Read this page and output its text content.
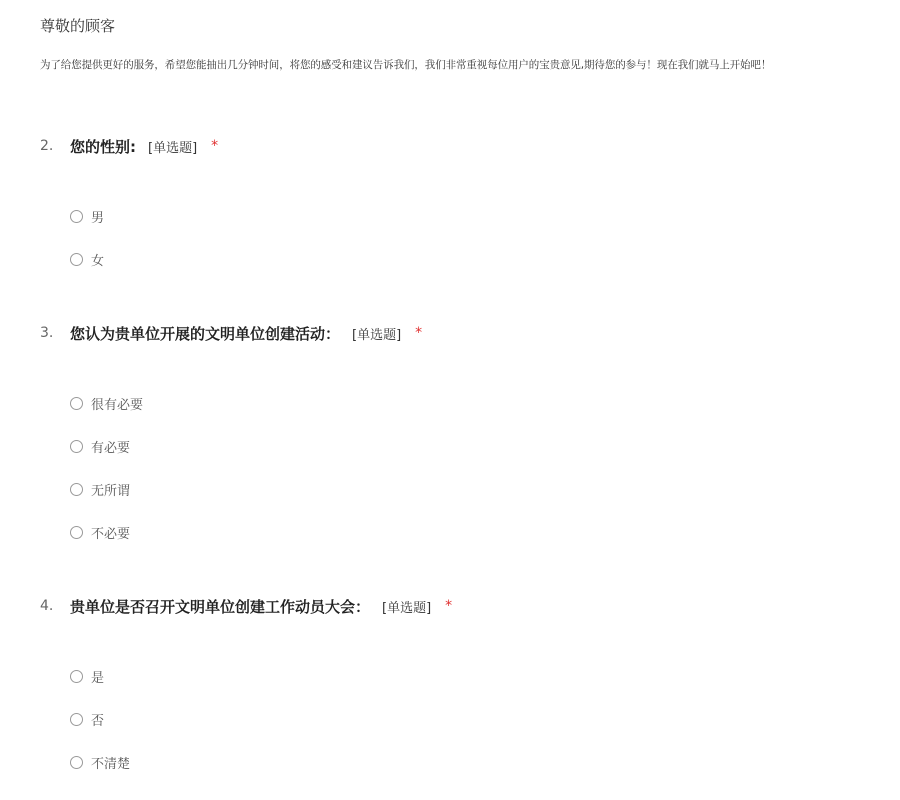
尊敬的顾客
为了给您提供更好的服务，希望您能抽出几分钟时间，将您的感受和建议告诉我们，我们非常重视每位用户的宝贵意见,期待您的参与！现在我们就马上开始吧！
2.	您的性别: [单选题] *
男
女
3.	您认为贵单位开展的文明单位创建活动： [单选题] *
很有必要
有必要
无所谓
不必要
4.	贵单位是否召开文明单位创建工作动员大会： [单选题] *
是
否
不清楚
